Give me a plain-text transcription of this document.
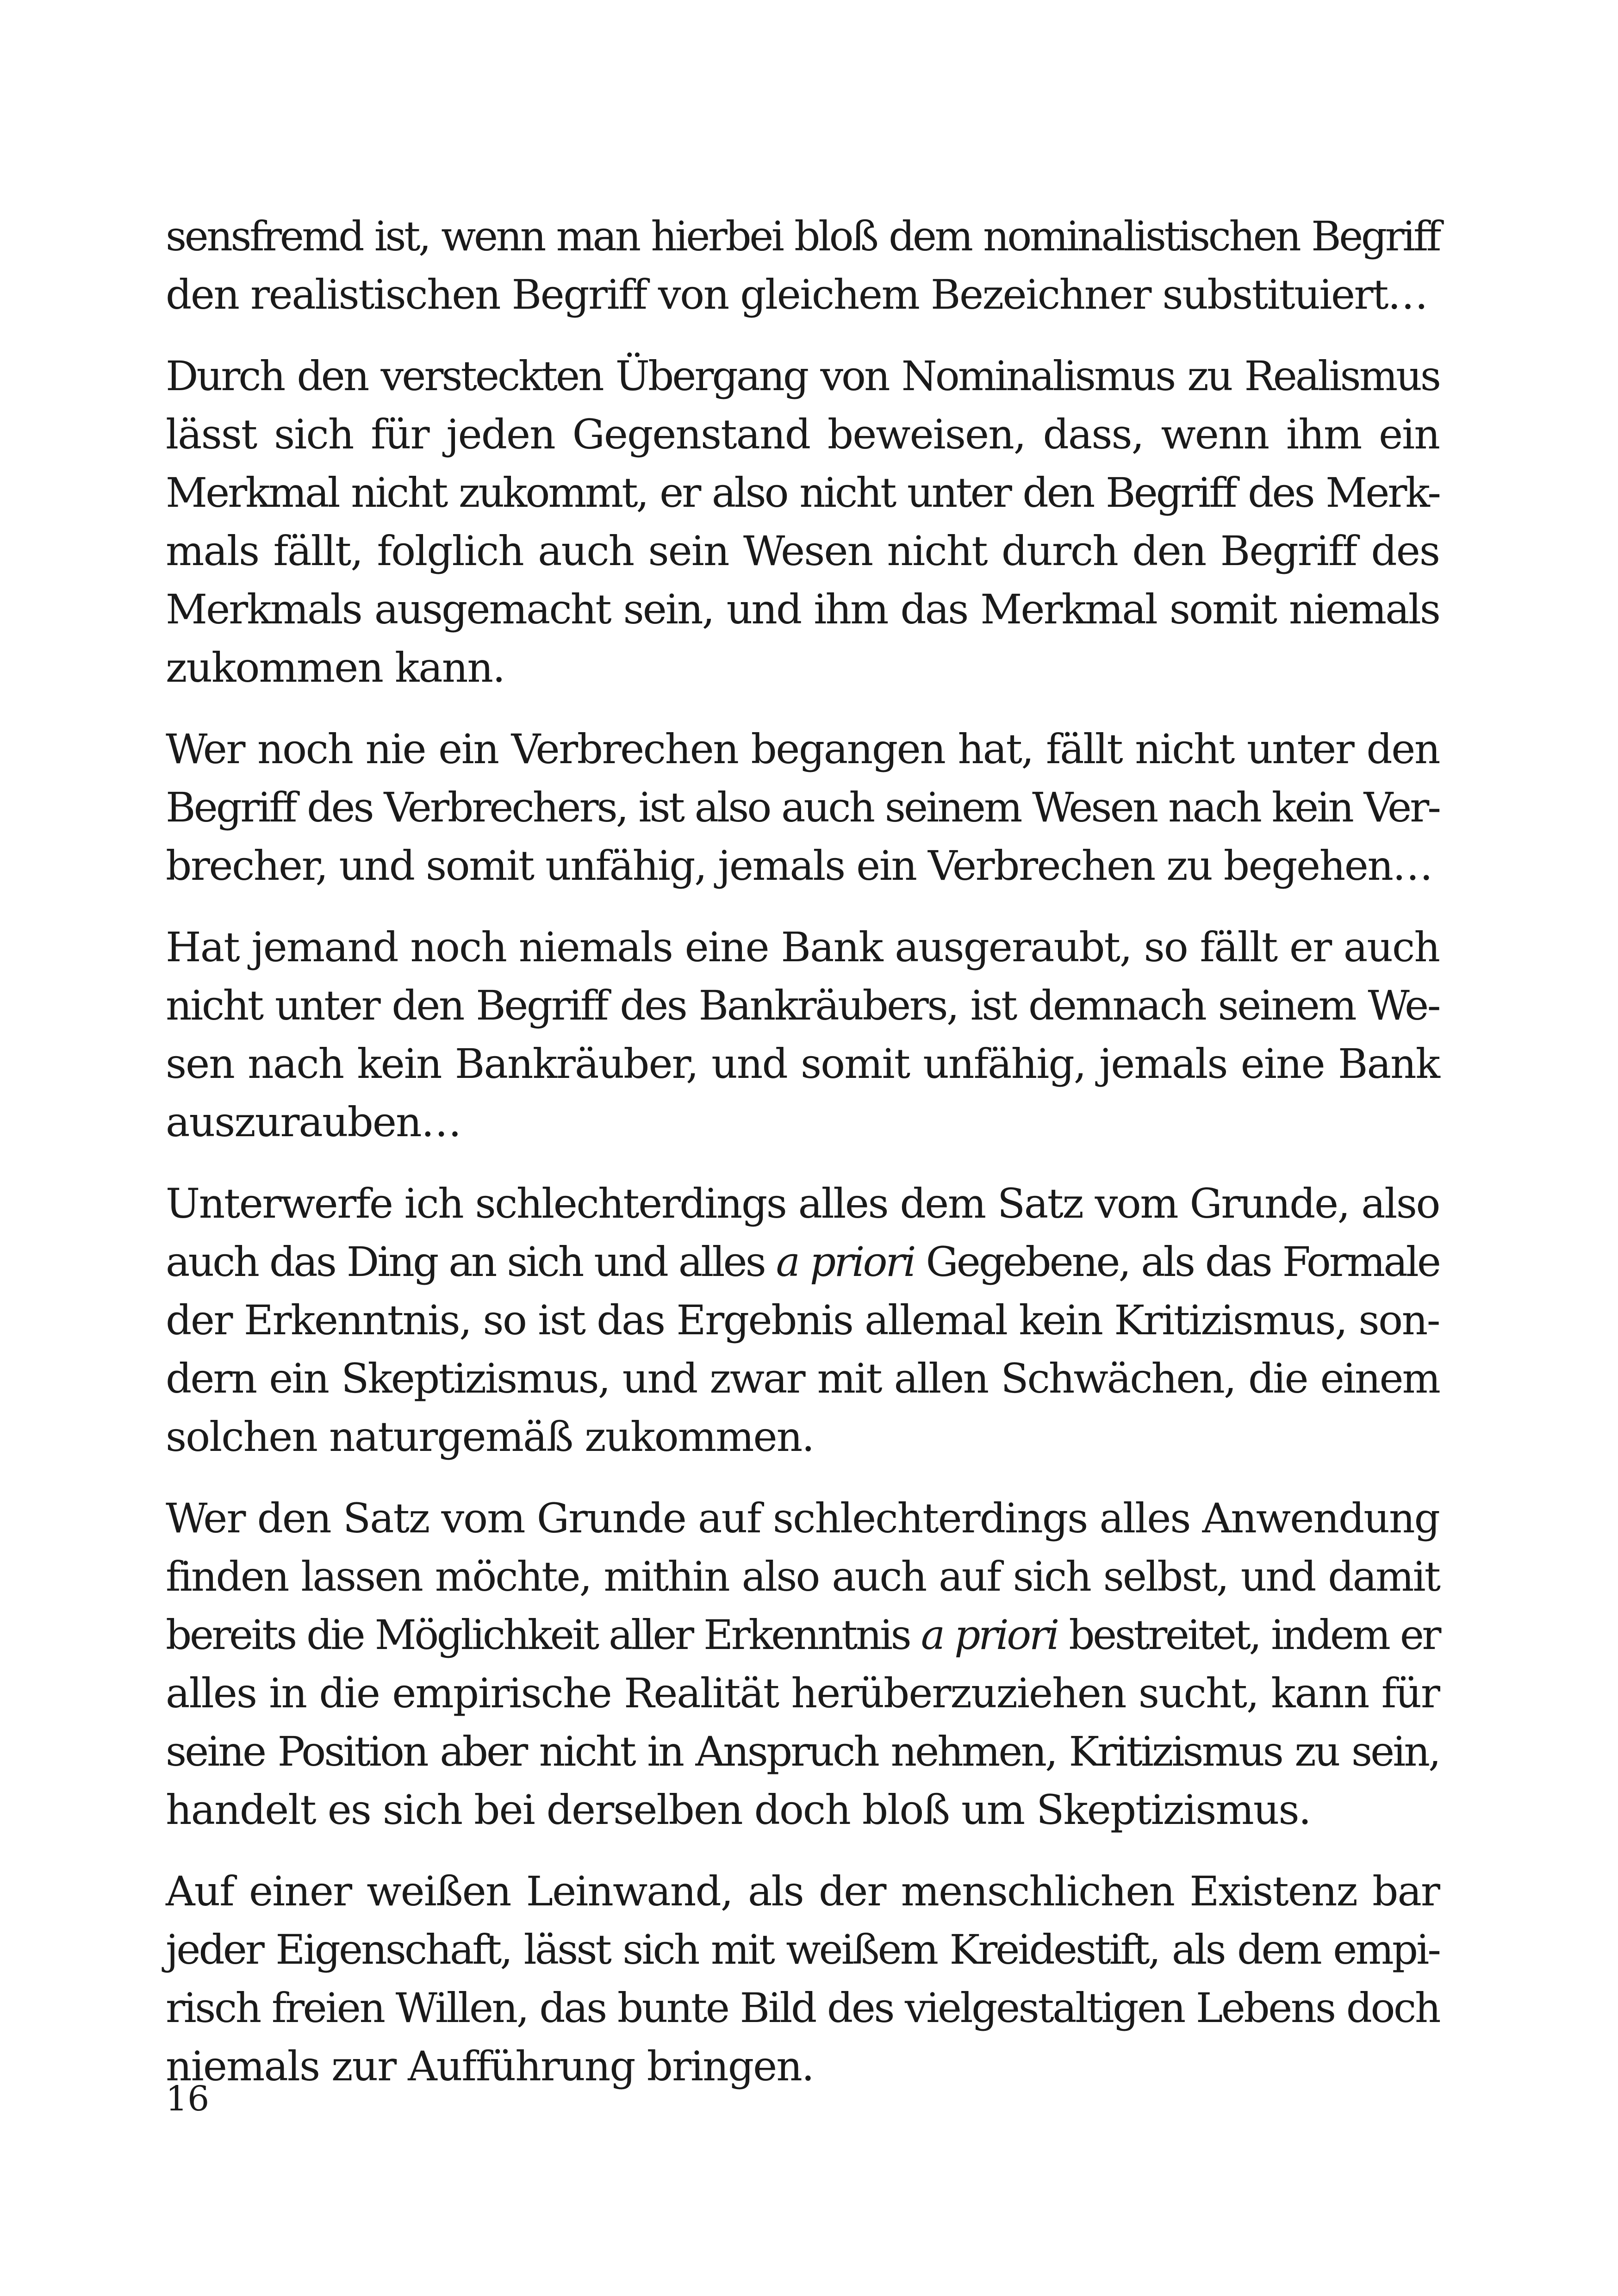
sensfremd ist, wenn man hierbei bloß dem nominalistischen Begriff
den realistischen Begriff von gleichem Bezeichner substituiert…
Durch den versteckten Übergang von Nominalismus zu Realismus
lässt sich für jeden Gegenstand beweisen, dass, wenn ihm ein
Merkmal nicht zukommt, er also nicht unter den Begriff des Merk-
mals fällt, folglich auch sein Wesen nicht durch den Begriff des
Merkmals ausgemacht sein, und ihm das Merkmal somit niemals
zukommen kann.
Wer noch nie ein Verbrechen begangen hat, fällt nicht unter den
Begriff des Verbrechers, ist also auch seinem Wesen nach kein Ver-
brecher, und somit unfähig, jemals ein Verbrechen zu begehen…
Hat jemand noch niemals eine Bank ausgeraubt, so fällt er auch
nicht unter den Begriff des Bankräubers, ist demnach seinem We-
sen nach kein Bankräuber, und somit unfähig, jemals eine Bank
auszurauben…
Unterwerfe ich schlechterdings alles dem Satz vom Grunde, also
auch das Ding an sich und alles a priori Gegebene, als das Formale
der Erkenntnis, so ist das Ergebnis allemal kein Kritizismus, son-
dern ein Skeptizismus, und zwar mit allen Schwächen, die einem
solchen naturgemäß zukommen.
Wer den Satz vom Grunde auf schlechterdings alles Anwendung
finden lassen möchte, mithin also auch auf sich selbst, und damit
bereits die Möglichkeit aller Erkenntnis a priori bestreitet, indem er
alles in die empirische Realität herüberzuziehen sucht, kann für
seine Position aber nicht in Anspruch nehmen, Kritizismus zu sein,
handelt es sich bei derselben doch bloß um Skeptizismus.
Auf einer weißen Leinwand, als der menschlichen Existenz bar
jeder Eigenschaft, lässt sich mit weißem Kreidestift, als dem empi-
risch freien Willen, das bunte Bild des vielgestaltigen Lebens doch
niemals zur Aufführung bringen.
16
